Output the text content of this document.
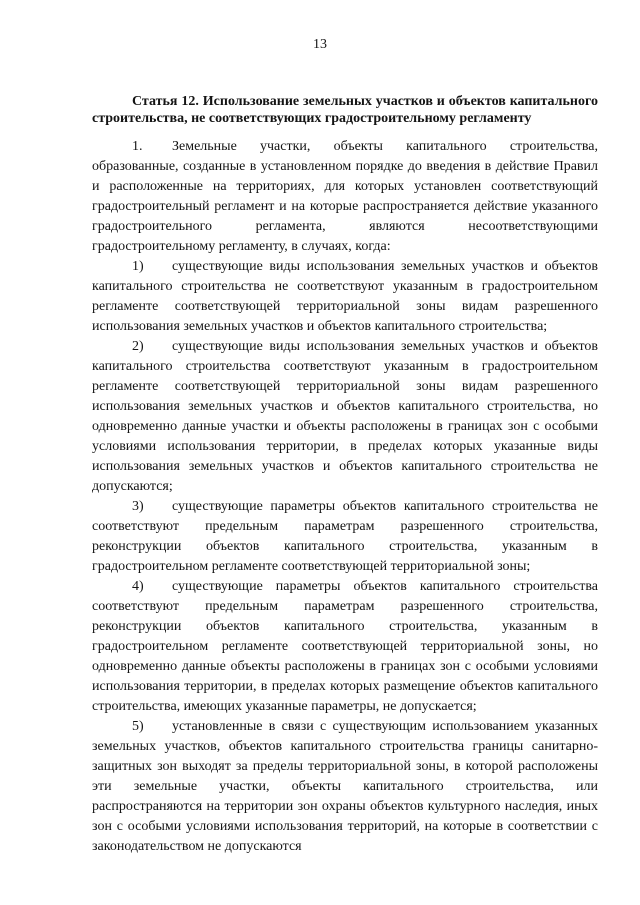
13

Статья 12. Использование земельных участков и объектов капитального строительства, не соответствующих градостроительному регламенту

1. Земельные участки, объекты капитального строительства, образованные, созданные в установленном порядке до введения в действие Правил и расположенные на территориях, для которых установлен соответствующий градостроительный регламент и на которые распространяется действие указанного градостроительного регламента, являются несоответствующими градостроительному регламенту, в случаях, когда:

1) существующие виды использования земельных участков и объектов капитального строительства не соответствуют указанным в градостроительном регламенте соответствующей территориальной зоны видам разрешенного использования земельных участков и объектов капитального строительства;

2) существующие виды использования земельных участков и объектов капитального строительства соответствуют указанным в градостроительном регламенте соответствующей территориальной зоны видам разрешенного использования земельных участков и объектов капитального строительства, но одновременно данные участки и объекты расположены в границах зон с особыми условиями использования территории, в пределах которых указанные виды использования земельных участков и объектов капитального строительства не допускаются;

3) существующие параметры объектов капитального строительства не соответствуют предельным параметрам разрешенного строительства, реконструкции объектов капитального строительства, указанным в градостроительном регламенте соответствующей территориальной зоны;

4) существующие параметры объектов капитального строительства соответствуют предельным параметрам разрешенного строительства, реконструкции объектов капитального строительства, указанным в градостроительном регламенте соответствующей территориальной зоны, но одновременно данные объекты расположены в границах зон с особыми условиями использования территории, в пределах которых размещение объектов капитального строительства, имеющих указанные параметры, не допускается;

5) установленные в связи с существующим использованием указанных земельных участков, объектов капитального строительства границы санитарно-защитных зон выходят за пределы территориальной зоны, в которой расположены эти земельные участки, объекты капитального строительства, или распространяются на территории зон охраны объектов культурного наследия, иных зон с особыми условиями использования территорий, на которые в соответствии с законодательством не допускаются
